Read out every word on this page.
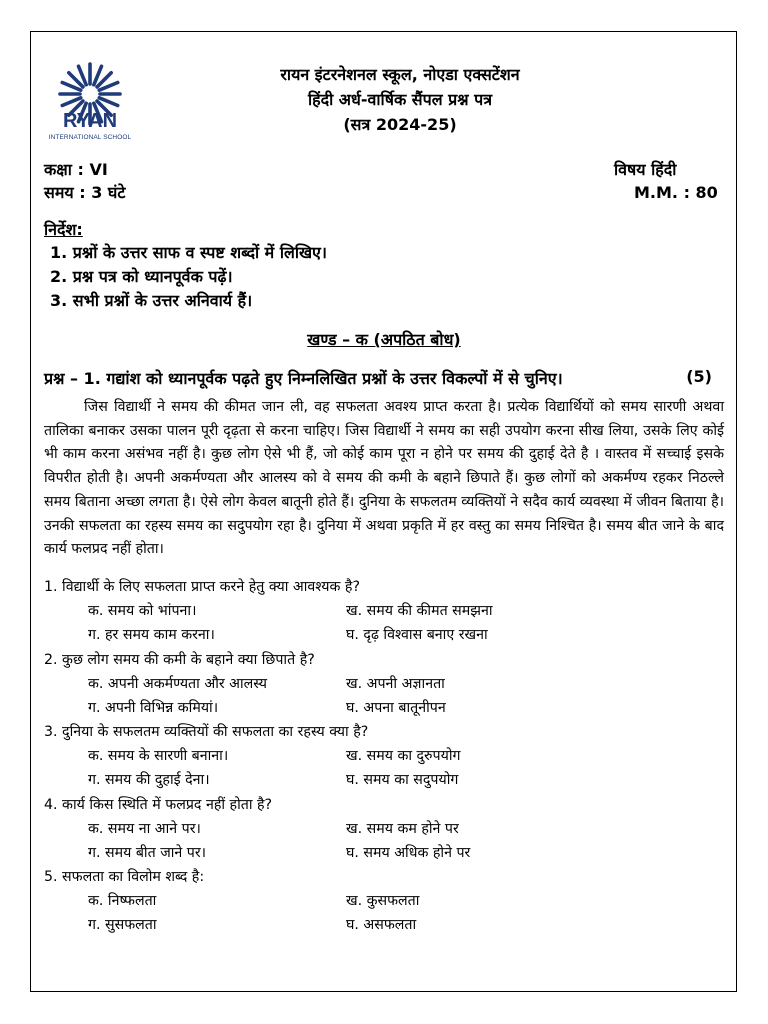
RYAN
INTERNATIONAL SCHOOL
रायन इंटरनेशनल स्कूल, नोएडा एक्सटेंशन
हिंदी अर्ध-वार्षिक सैंपल प्रश्न पत्र
(सत्र 2024-25)
कक्षा : VI
समय : 3 घंटे
विषय हिंदी
M.M. : 80
निर्देश:
1. प्रश्नों के उत्तर साफ व स्पष्ट शब्दों में लिखिए।
2. प्रश्न पत्र को ध्यानपूर्वक पढ़ें।
3. सभी प्रश्नों के उत्तर अनिवार्य हैं।
खण्ड – क (अपठित बोध)
प्रश्न – 1. गद्यांश को ध्यानपूर्वक पढ़ते हुए निम्नलिखित प्रश्नों के उत्तर विकल्पों में से चुनिए।	(5)
जिस विद्यार्थी ने समय की कीमत जान ली, वह सफलता अवश्य प्राप्त करता है। प्रत्येक विद्यार्थियों को समय सारणी अथवा तालिका बनाकर उसका पालन पूरी दृढ़ता से करना चाहिए। जिस विद्यार्थी ने समय का सही उपयोग करना सीख लिया, उसके लिए कोई भी काम करना असंभव नहीं है। कुछ लोग ऐसे भी हैं, जो कोई काम पूरा न होने पर समय की दुहाई देते है । वास्तव में सच्चाई इसके विपरीत होती है। अपनी अकर्मण्यता और आलस्य को वे समय की कमी के बहाने छिपाते हैं। कुछ लोगों को अकर्मण्य रहकर निठल्ले समय बिताना अच्छा लगता है। ऐसे लोग केवल बातूनी होते हैं। दुनिया के सफलतम व्यक्तियों ने सदैव कार्य व्यवस्था में जीवन बिताया है। उनकी सफलता का रहस्य समय का सदुपयोग रहा है। दुनिया में अथवा प्रकृति में हर वस्तु का समय निश्चित है। समय बीत जाने के बाद कार्य फलप्रद नहीं होता।
1. विद्यार्थी के लिए सफलता प्राप्त करने हेतु क्या आवश्यक है?
क. समय को भांपना।	ख. समय की कीमत समझना
ग. हर समय काम करना।	घ. दृढ़ विश्वास बनाए रखना
2. कुछ लोग समय की कमी के बहाने क्या छिपाते है?
क. अपनी अकर्मण्यता और आलस्य	ख. अपनी अज्ञानता
ग. अपनी विभिन्न कमियां।	घ. अपना बातूनीपन
3. दुनिया के सफलतम व्यक्तियों की सफलता का रहस्य क्या है?
क. समय के सारणी बनाना।	ख. समय का दुरुपयोग
ग. समय की दुहाई देना।	घ. समय का सदुपयोग
4. कार्य किस स्थिति में फलप्रद नहीं होता है?
क. समय ना आने पर।	ख. समय कम होने पर
ग. समय बीत जाने पर।	घ. समय अधिक होने पर
5. सफलता का विलोम शब्द है:
क. निष्फलता	ख. कुसफलता
ग. सुसफलता	घ. असफलता
